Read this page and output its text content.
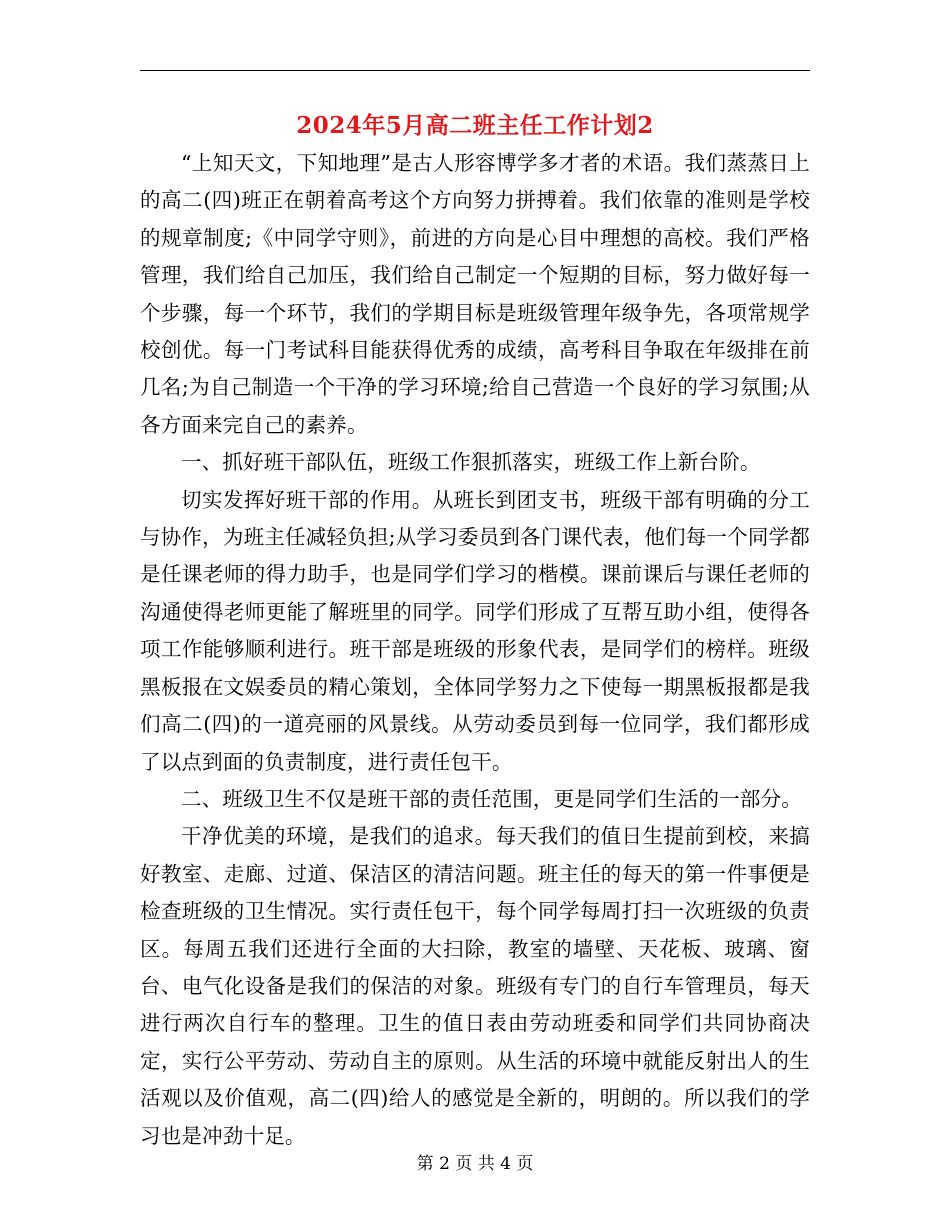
2024年5月高二班主任工作计划2

“上知天文，下知地理”是古人形容博学多才者的术语。我们蒸蒸日上的高二(四)班正在朝着高考这个方向努力拼搏着。我们依靠的准则是学校的规章制度;《中同学守则》，前进的方向是心目中理想的高校。我们严格管理，我们给自己加压，我们给自己制定一个短期的目标，努力做好每一个步骤，每一个环节，我们的学期目标是班级管理年级争先，各项常规学校创优。每一门考试科目能获得优秀的成绩，高考科目争取在年级排在前几名;为自己制造一个干净的学习环境;给自己营造一个良好的学习氛围;从各方面来完自己的素养。

一、抓好班干部队伍，班级工作狠抓落实，班级工作上新台阶。

切实发挥好班干部的作用。从班长到团支书，班级干部有明确的分工与协作，为班主任减轻负担;从学习委员到各门课代表，他们每一个同学都是任课老师的得力助手，也是同学们学习的楷模。课前课后与课任老师的沟通使得老师更能了解班里的同学。同学们形成了互帮互助小组，使得各项工作能够顺利进行。班干部是班级的形象代表，是同学们的榜样。班级黑板报在文娱委员的精心策划，全体同学努力之下使每一期黑板报都是我们高二(四)的一道亮丽的风景线。从劳动委员到每一位同学，我们都形成了以点到面的负责制度，进行责任包干。

二、班级卫生不仅是班干部的责任范围，更是同学们生活的一部分。

干净优美的环境，是我们的追求。每天我们的值日生提前到校，来搞好教室、走廊、过道、保洁区的清洁问题。班主任的每天的第一件事便是检查班级的卫生情况。实行责任包干，每个同学每周打扫一次班级的负责区。每周五我们还进行全面的大扫除，教室的墙壁、天花板、玻璃、窗台、电气化设备是我们的保洁的对象。班级有专门的自行车管理员，每天进行两次自行车的整理。卫生的值日表由劳动班委和同学们共同协商决定，实行公平劳动、劳动自主的原则。从生活的环境中就能反射出人的生活观以及价值观，高二(四)给人的感觉是全新的，明朗的。所以我们的学习也是冲劲十足。

第 2 页 共 4 页
